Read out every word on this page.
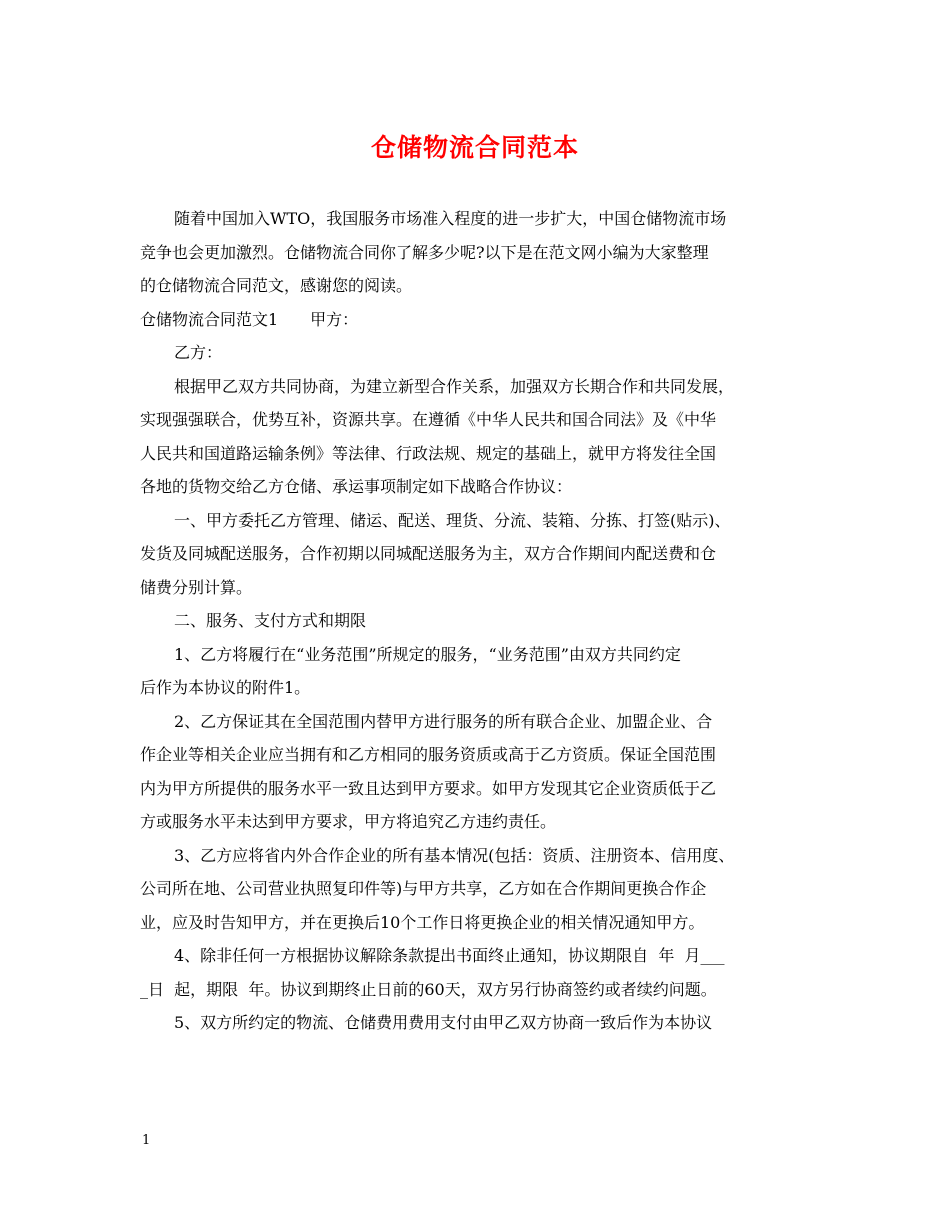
仓储物流合同范本
随着中国加入WTO，我国服务市场准入程度的进一步扩大，中国仓储物流市场
竞争也会更加激烈。仓储物流合同你了解多少呢?以下是在范文网小编为大家整理
的仓储物流合同范文，感谢您的阅读。
仓储物流合同范文1　　甲方：
乙方：
根据甲乙双方共同协商，为建立新型合作关系，加强双方长期合作和共同发展，
实现强强联合，优势互补，资源共享。在遵循《中华人民共和国合同法》及《中华
人民共和国道路运输条例》等法律、行政法规、规定的基础上，就甲方将发往全国
各地的货物交给乙方仓储、承运事项制定如下战略合作协议：
一、甲方委托乙方管理、储运、配送、理货、分流、装箱、分拣、打签(贴示)、
发货及同城配送服务，合作初期以同城配送服务为主，双方合作期间内配送费和仓
储费分别计算。
二、服务、支付方式和期限
1、乙方将履行在“业务范围”所规定的服务，“业务范围”由双方共同约定
后作为本协议的附件1。
2、乙方保证其在全国范围内替甲方进行服务的所有联合企业、加盟企业、合
作企业等相关企业应当拥有和乙方相同的服务资质或高于乙方资质。保证全国范围
内为甲方所提供的服务水平一致且达到甲方要求。如甲方发现其它企业资质低于乙
方或服务水平未达到甲方要求，甲方将追究乙方违约责任。
3、乙方应将省内外合作企业的所有基本情况(包括：资质、注册资本、信用度、
公司所在地、公司营业执照复印件等)与甲方共享，乙方如在合作期间更换合作企
业，应及时告知甲方，并在更换后10个工作日将更换企业的相关情况通知甲方。
4、除非任何一方根据协议解除条款提出书面终止通知，协议期限自  年  月___
_日  起，期限  年。协议到期终止日前的60天，双方另行协商签约或者续约问题。
5、双方所约定的物流、仓储费用费用支付由甲乙双方协商一致后作为本协议
1
